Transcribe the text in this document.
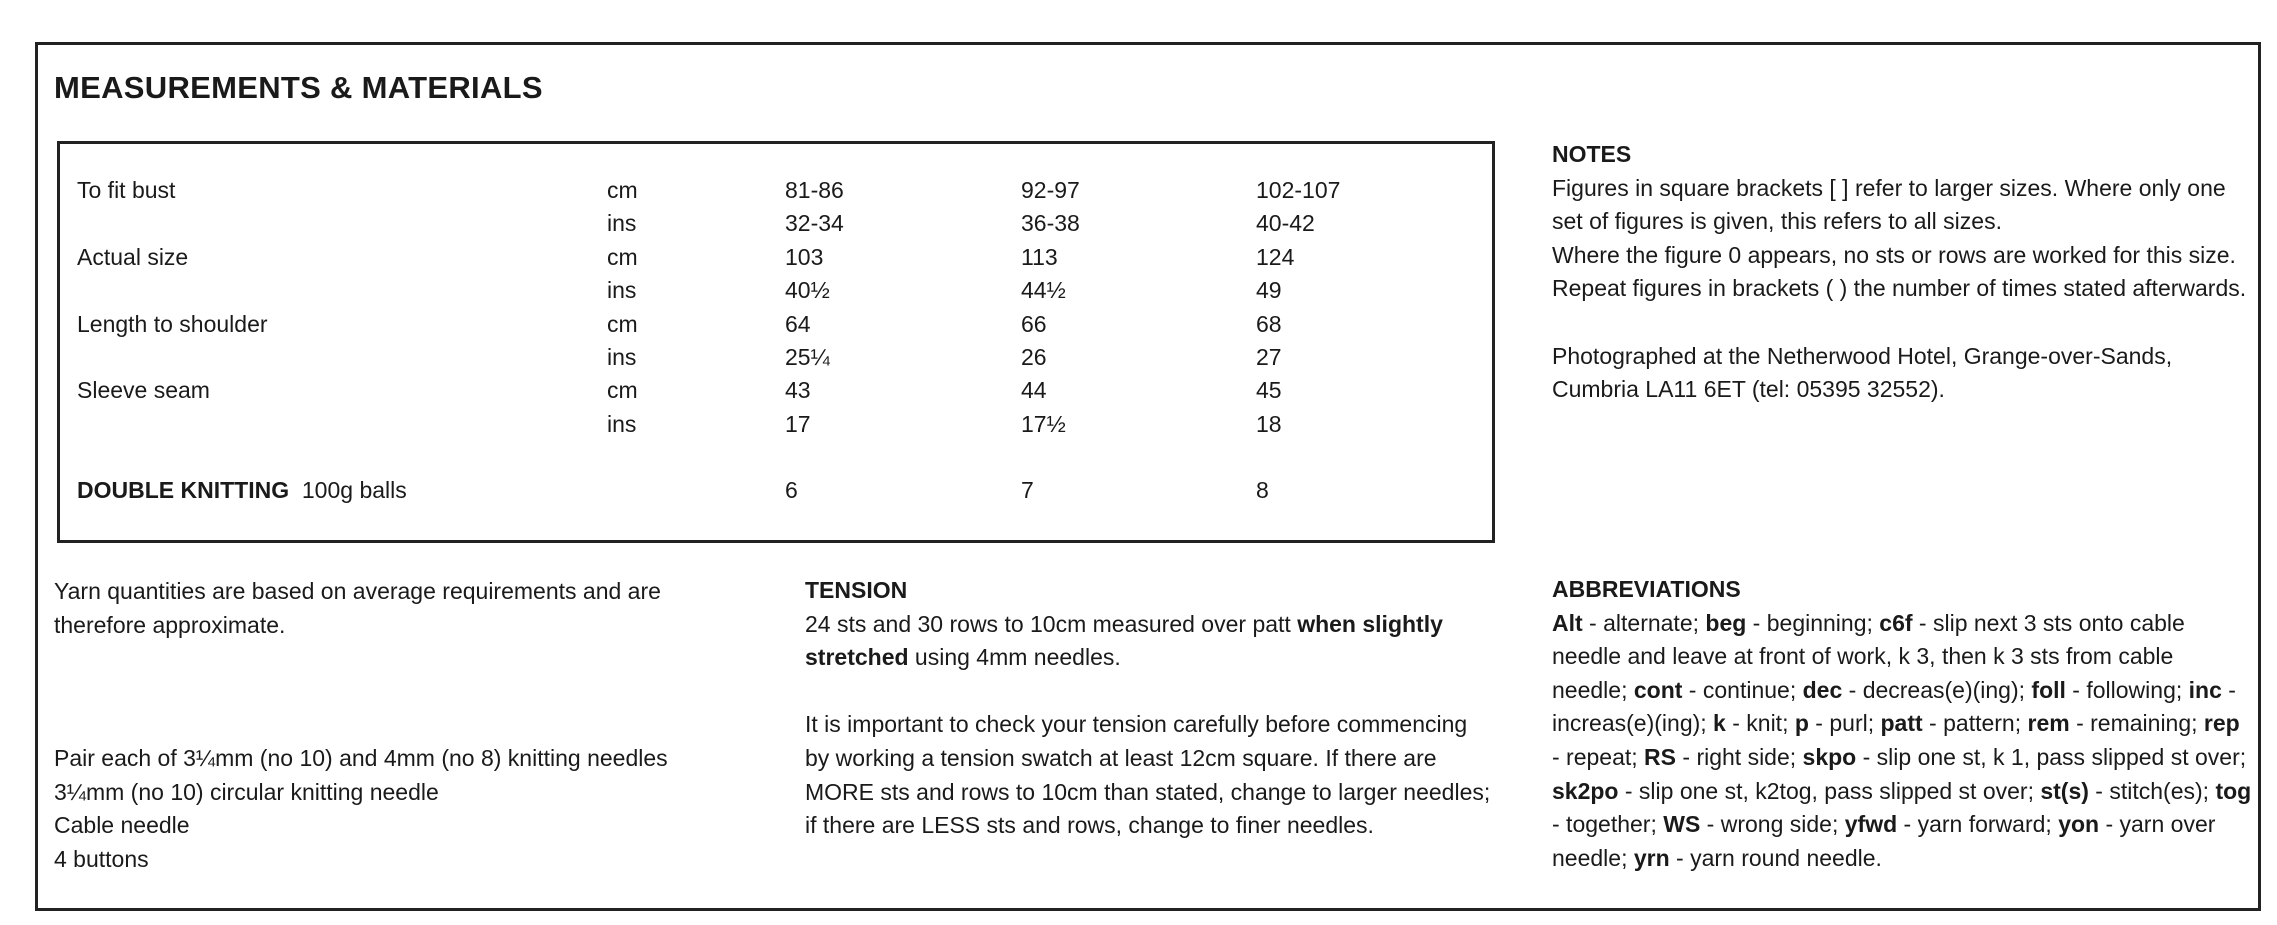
MEASUREMENTS & MATERIALS
To fit bust	cm	81-86	92-97	102-107
ins	32-34	36-38	40-42
Actual size	cm	103	113	124
ins	40½	44½	49
Length to shoulder	cm	64	66	68
ins	25¼	26	27
Sleeve seam	cm	43	44	45
ins	17	17½	18
DOUBLE KNITTING 100g balls	6	7	8
Yarn quantities are based on average requirements and are therefore approximate.

Pair each of 3¼mm (no 10) and 4mm (no 8) knitting needles

3¼mm (no 10) circular knitting needle

Cable needle

4 buttons

TENSION

24 sts and 30 rows to 10cm measured over patt when slightly stretched using 4mm needles.

It is important to check your tension carefully before commencing by working a tension swatch at least 12cm square. If there are MORE sts and rows to 10cm than stated, change to larger needles; if there are LESS sts and rows, change to finer needles.

NOTES

Figures in square brackets [ ] refer to larger sizes. Where only one set of figures is given, this refers to all sizes.

Where the figure 0 appears, no sts or rows are worked for this size.

Repeat figures in brackets ( ) the number of times stated afterwards.

Photographed at the Netherwood Hotel, Grange-over-Sands, Cumbria LA11 6ET (tel: 05395 32552).

ABBREVIATIONS

Alt - alternate; beg - beginning; c6f - slip next 3 sts onto cable needle and leave at front of work, k 3, then k 3 sts from cable needle; cont - continue; dec - decreas(e)(ing); foll - following; inc - increas(e)(ing); k - knit; p - purl; patt - pattern; rem - remaining; rep - repeat; RS - right side; skpo - slip one st, k 1, pass slipped st over; sk2po - slip one st, k2tog, pass slipped st over; st(s) - stitch(es); tog - together; WS - wrong side; yfwd - yarn forward; yon - yarn over needle; yrn - yarn round needle.
